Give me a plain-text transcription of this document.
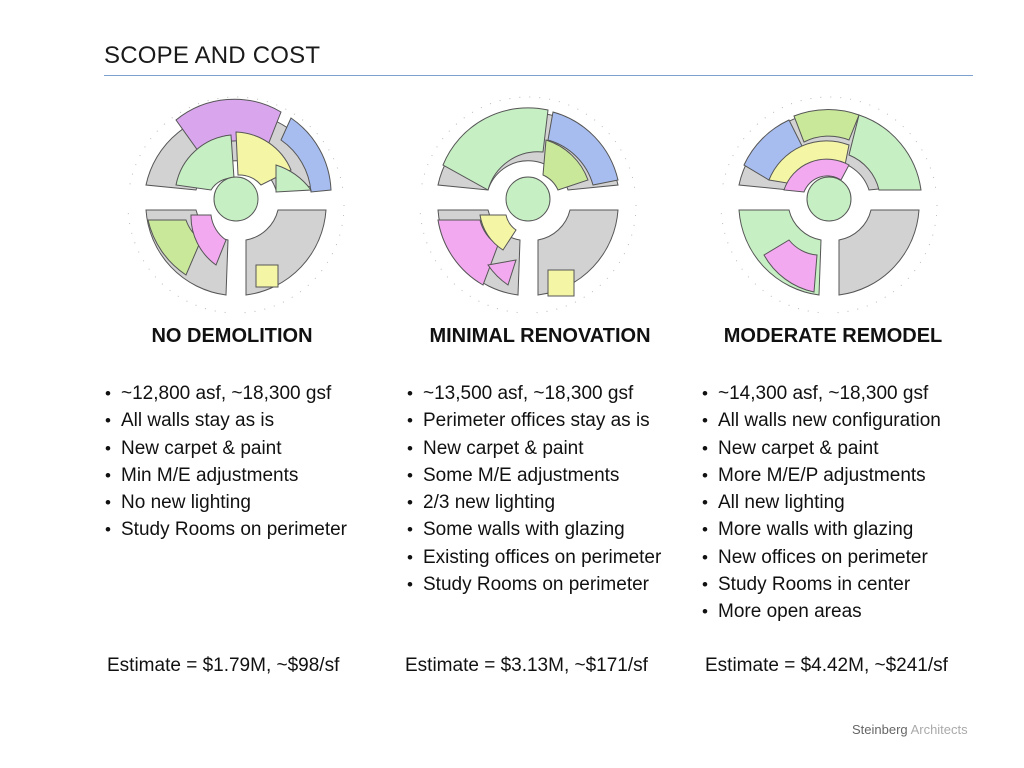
SCOPE AND COST
NO DEMOLITION
• ~12,800 asf, ~18,300 gsf
• All walls stay as is
• New carpet & paint
• Min M/E adjustments
• No new lighting
• Study Rooms on perimeter
Estimate = $1.79M, ~$98/sf
MINIMAL RENOVATION
• ~13,500 asf, ~18,300 gsf
• Perimeter offices stay as is
• New carpet & paint
• Some M/E adjustments
• 2/3 new lighting
• Some walls with glazing
• Existing offices on perimeter
• Study Rooms on perimeter
Estimate = $3.13M, ~$171/sf
MODERATE REMODEL
• ~14,300 asf, ~18,300 gsf
• All walls new configuration
• New carpet & paint
• More M/E/P adjustments
• All new lighting
• More walls with glazing
• New offices on perimeter
• Study Rooms in center
• More open areas
Estimate = $4.42M, ~$241/sf
Steinberg Architects
